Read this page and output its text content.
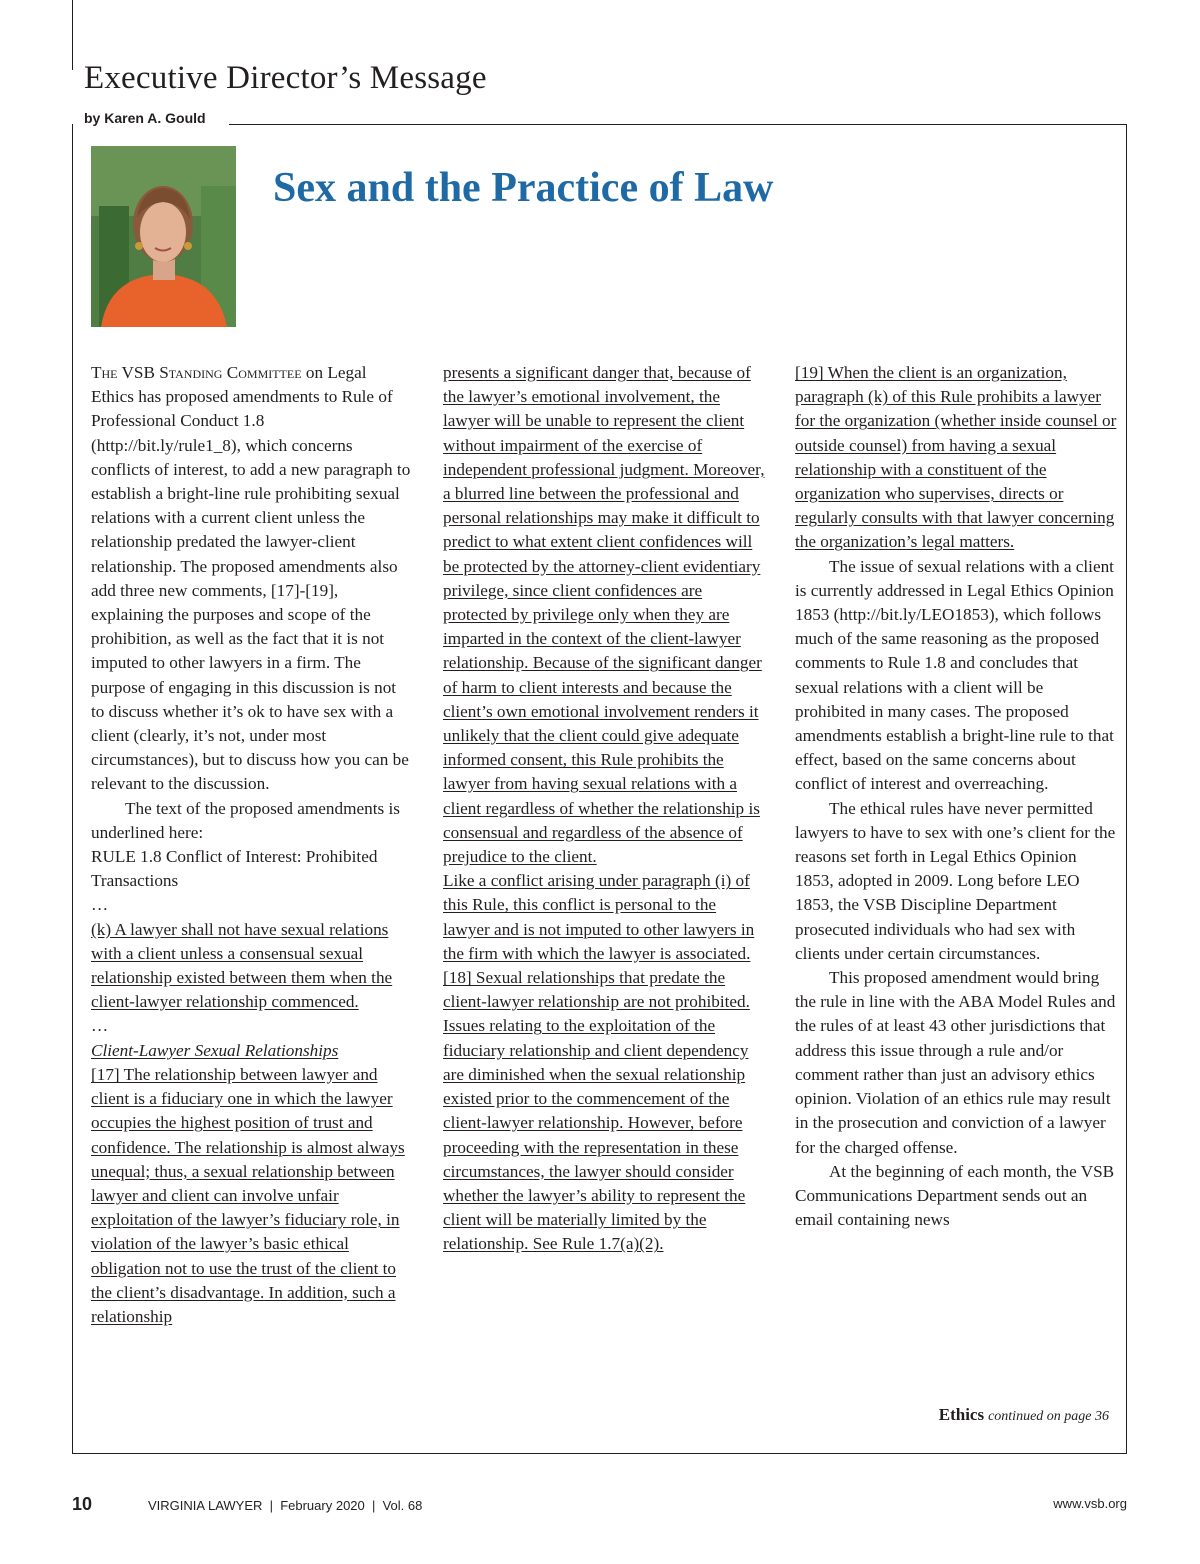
Executive Director’s Message
by Karen A. Gould
Sex and the Practice of Law

The VSB Standing Committee on Legal Ethics has proposed amendments to Rule of Professional Conduct 1.8 (http://bit.ly/rule1_8), which concerns conflicts of interest, to add a new paragraph to establish a bright-line rule prohibiting sexual relations with a current client unless the relationship predated the lawyer-client relationship. The proposed amendments also add three new comments, [17]-[19], explaining the purposes and scope of the prohibition, as well as the fact that it is not imputed to other lawyers in a firm. The purpose of engaging in this discussion is not to discuss whether it’s ok to have sex with a client (clearly, it’s not, under most circumstances), but to discuss how you can be relevant to the discussion.

The text of the proposed amendments is underlined here:

RULE 1.8 Conflict of Interest: Prohibited Transactions

…

(k) A lawyer shall not have sexual relations with a client unless a consensual sexual relationship existed between them when the client-lawyer relationship commenced.

…

Client-Lawyer Sexual Relationships

[17] The relationship between lawyer and client is a fiduciary one in which the lawyer occupies the highest position of trust and confidence. The relationship is almost always unequal; thus, a sexual relationship between lawyer and client can involve unfair exploitation of the lawyer’s fiduciary role, in violation of the lawyer’s basic ethical obligation not to use the trust of the client to the client’s disadvantage. In addition, such a relationship

presents a significant danger that, because of the lawyer’s emotional involvement, the lawyer will be unable to represent the client without impairment of the exercise of independent professional judgment. Moreover, a blurred line between the professional and personal relationships may make it difficult to predict to what extent client confidences will be protected by the attorney-client evidentiary privilege, since client confidences are protected by privilege only when they are imparted in the context of the client-lawyer relationship. Because of the significant danger of harm to client interests and because the client’s own emotional involvement renders it unlikely that the client could give adequate informed consent, this Rule prohibits the lawyer from having sexual relations with a client regardless of whether the relationship is consensual and regardless of the absence of prejudice to the client.

Like a conflict arising under paragraph (i) of this Rule, this conflict is personal to the lawyer and is not imputed to other lawyers in the firm with which the lawyer is associated.

[18] Sexual relationships that predate the client-lawyer relationship are not prohibited. Issues relating to the exploitation of the fiduciary relationship and client dependency are diminished when the sexual relationship existed prior to the commencement of the client-lawyer relationship. However, before proceeding with the representation in these circumstances, the lawyer should consider whether the lawyer’s ability to represent the client will be materially limited by the relationship. See Rule 1.7(a)(2).

[19] When the client is an organization, paragraph (k) of this Rule prohibits a lawyer for the organization (whether inside counsel or outside counsel) from having a sexual relationship with a constituent of the organization who supervises, directs or regularly consults with that lawyer concerning the organization’s legal matters.

The issue of sexual relations with a client is currently addressed in Legal Ethics Opinion 1853 (http://bit.ly/LEO1853), which follows much of the same reasoning as the proposed comments to Rule 1.8 and concludes that sexual relations with a client will be prohibited in many cases. The proposed amendments establish a bright-line rule to that effect, based on the same concerns about conflict of interest and overreaching.

The ethical rules have never permitted lawyers to have to sex with one’s client for the reasons set forth in Legal Ethics Opinion 1853, adopted in 2009. Long before LEO 1853, the VSB Discipline Department prosecuted individuals who had sex with clients under certain circumstances.

This proposed amendment would bring the rule in line with the ABA Model Rules and the rules of at least 43 other jurisdictions that address this issue through a rule and/or comment rather than just an advisory ethics opinion. Violation of an ethics rule may result in the prosecution and conviction of a lawyer for the charged offense.

At the beginning of each month, the VSB Communications Department sends out an email containing news

Ethics continued on page 36
10	VIRGINIA LAWYER  |  February 2020  |  Vol. 68	www.vsb.org
